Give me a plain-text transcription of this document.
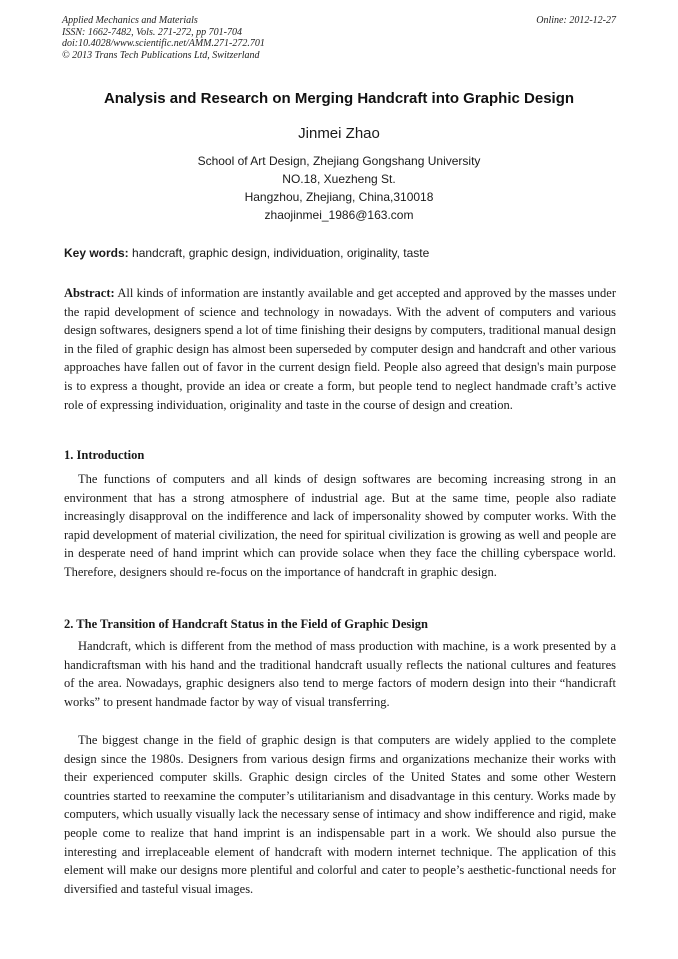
Applied Mechanics and Materials
ISSN: 1662-7482, Vols. 271-272, pp 701-704
doi:10.4028/www.scientific.net/AMM.271-272.701
© 2013 Trans Tech Publications Ltd, Switzerland
Online: 2012-12-27
Analysis and Research on Merging Handcraft into Graphic Design
Jinmei Zhao
School of Art Design, Zhejiang Gongshang University
NO.18, Xuezheng St.
Hangzhou, Zhejiang, China,310018
zhaojinmei_1986@163.com
Key words: handcraft, graphic design, individuation, originality, taste

Abstract: All kinds of information are instantly available and get accepted and approved by the masses under the rapid development of science and technology in nowadays. With the advent of computers and various design softwares, designers spend a lot of time finishing their designs by computers, traditional manual design in the filed of graphic design has almost been superseded by computer design and handcraft and other various approaches have fallen out of favor in the current design field. People also agreed that design's main purpose is to express a thought, provide an idea or create a form, but people tend to neglect handmade craft’s active role of expressing individuation, originality and taste in the course of design and creation.

1. Introduction

The functions of computers and all kinds of design softwares are becoming increasing strong in an environment that has a strong atmosphere of industrial age. But at the same time, people also radiate increasingly disapproval on the indifference and lack of impersonality showed by computer works. With the rapid development of material civilization, the need for spiritual civilization is growing as well and people are in desperate need of hand imprint which can provide solace when they face the chilling cyberspace world. Therefore, designers should re-focus on the importance of handcraft in graphic design.

2. The Transition of Handcraft Status in the Field of Graphic Design

Handcraft, which is different from the method of mass production with machine, is a work presented by a handicraftsman with his hand and the traditional handcraft usually reflects the national cultures and features of the area. Nowadays, graphic designers also tend to merge factors of modern design into their “handicraft works” to present handmade factor by way of visual transferring.

The biggest change in the field of graphic design is that computers are widely applied to the complete design since the 1980s. Designers from various design firms and organizations mechanize their works with their experienced computer skills. Graphic design circles of the United States and some other Western countries started to reexamine the computer’s utilitarianism and disadvantage in this century. Works made by computers, which usually visually lack the necessary sense of intimacy and show indifference and rigid, make people come to realize that hand imprint is an indispensable part in a work. We should also pursue the interesting and irreplaceable element of handcraft with modern internet technique. The application of this element will make our designs more plentiful and colorful and cater to people’s aesthetic-functional needs for diversified and tasteful visual images.
